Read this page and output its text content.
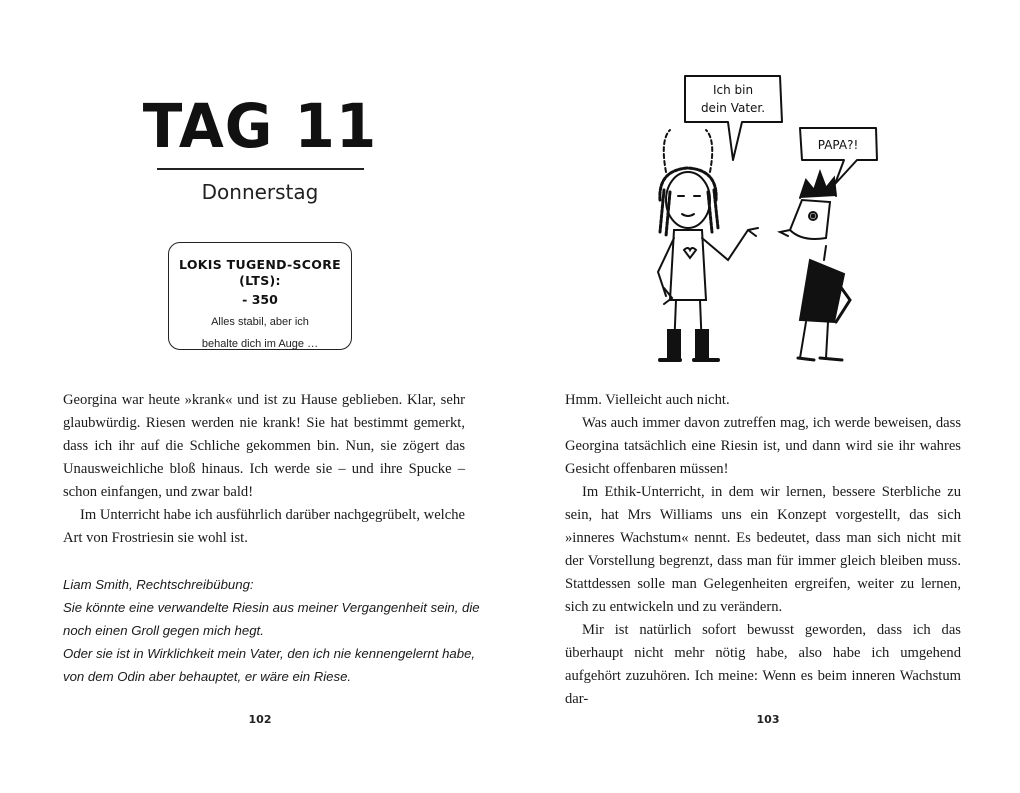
TAG 11
Donnerstag
LOKIS TUGEND-SCORE (LTS):
- 350
Alles stabil, aber ich
behalte dich im Auge …

Georgina war heute »krank« und ist zu Hause geblieben. Klar, sehr glaubwürdig. Riesen werden nie krank! Sie hat bestimmt gemerkt, dass ich ihr auf die Schliche gekommen bin. Nun, sie zögert das Unausweichliche bloß hinaus. Ich werde sie – und ihre Spucke – schon einfangen, und zwar bald!

Im Unterricht habe ich ausführlich darüber nachgegrübelt, welche Art von Frostriesin sie wohl ist.

Liam Smith, Rechtschreibübung:
Sie könnte eine verwandelte Riesin aus meiner Vergangenheit sein, die
noch einen Groll gegen mich hegt.
Oder sie ist in Wirklichkeit mein Vater, den ich nie kennengelernt habe,
von dem Odin aber behauptet, er wäre ein Riese.
102
Ich bin
dein Vater.
PAPA?!

Hmm. Vielleicht auch nicht.

Was auch immer davon zutreffen mag, ich werde beweisen, dass Georgina tatsächlich eine Riesin ist, und dann wird sie ihr wahres Gesicht offenbaren müssen!

Im Ethik-Unterricht, in dem wir lernen, bessere Sterbliche zu sein, hat Mrs Williams uns ein Konzept vorgestellt, das sich »inneres Wachstum« nennt. Es bedeutet, dass man sich nicht mit der Vorstellung begrenzt, dass man für immer gleich bleiben muss. Stattdessen solle man Gelegenheiten ergreifen, weiter zu lernen, sich zu entwickeln und zu verändern.

Mir ist natürlich sofort bewusst geworden, dass ich das überhaupt nicht mehr nötig habe, also habe ich umgehend aufgehört zuzuhören. Ich meine: Wenn es beim inneren Wachstum dar-

103
